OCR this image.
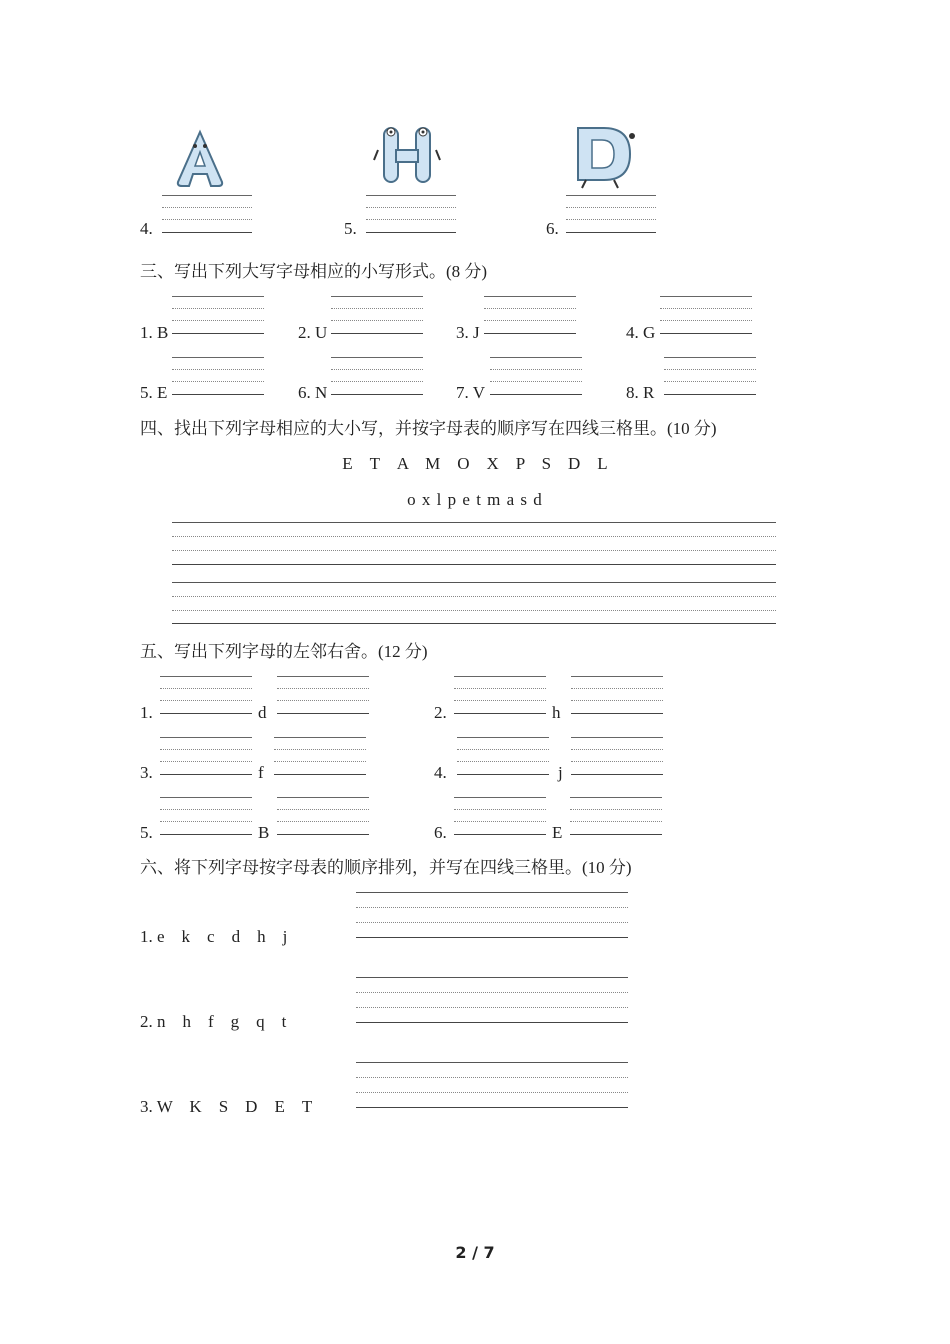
4.	5.	6.
三、写出下列大写字母相应的小写形式。(8 分)
1. B	2. U	3. J	4. G
5. E	6. N	7. V	8. R
四、找出下列字母相应的大小写，并按字母表的顺序写在四线三格里。(10 分)
E　T　A　M　O　X　P　S　D　L
o x l p e t m a s d
五、写出下列字母的左邻右舍。(12 分)
1.	d	2.	h
3.	f	4.	j
5.	B	6.	E
六、将下列字母按字母表的顺序排列，并写在四线三格里。(10 分)
1. e　k　c　d　h　j
2. n　h　f　g　q　t
3. W　K　S　D　E　T
2 / 7
